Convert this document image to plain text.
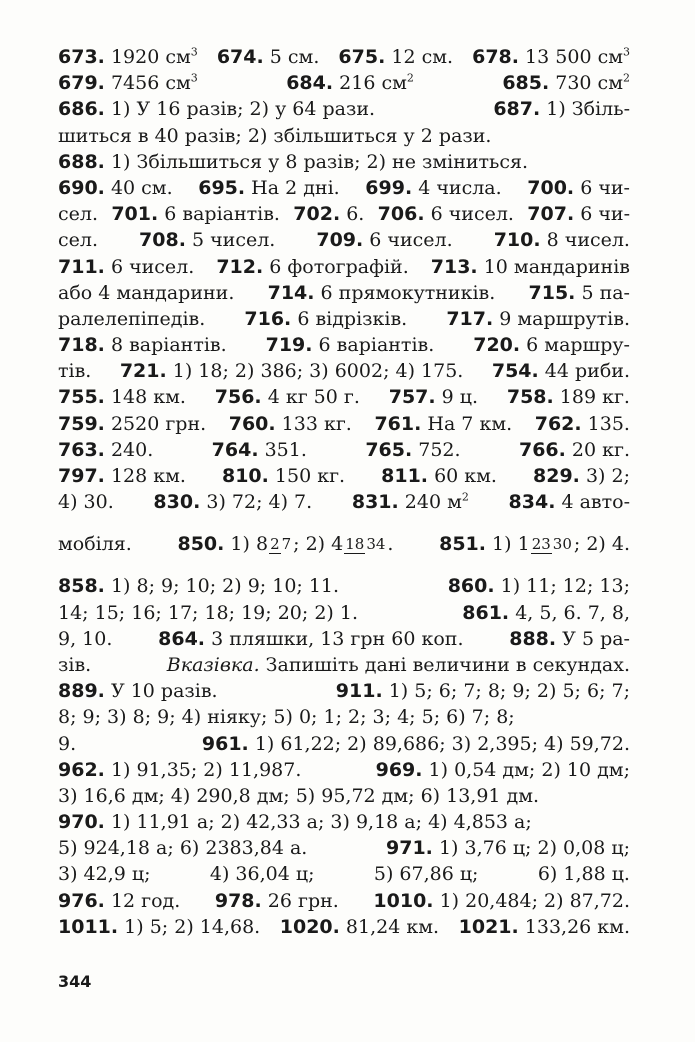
673. 1920 $см^3$ 674. 5 см. 675. 12 см. 678. 13 500 $см^3$
679. 7456 $см^3$	684. 216 $см^2$	685. 730 $см^2$
686. 1) У 16 разів; 2) у 64 рази.	687. 1) Збіль-
шиться в 40 разів; 2) збільшиться у 2 рази.
688. 1) Збільшиться у 8 разів; 2) не зміниться.
690. 40 см. 695. На 2 дні. 699. 4 числа. 700. 6 чи-
сел. 701. 6 варіантів. 702. 6. 706. 6 чисел. 707. 6 чи-
сел. 708. 5 чисел. 709. 6 чисел. 710. 8 чисел.
711. 6 чисел. 712. 6 фотографій. 713. 10 мандаринів
або 4 мандарини. 714. 6 прямокутників. 715. 5 па-
ралелепіпедів. 716. 6 відрізків. 717. 9 маршрутів.
718. 8 варіантів. 719. 6 варіантів. 720. 6 маршру-
тів. 721. 1) 18; 2) 386; 3) 6002; 4) 175. 754. 44 риби.
755. 148 км. 756. 4 кг 50 г. 757. 9 ц. 758. 189 кг.
759. 2520 грн. 760. 133 кг. 761. На 7 км. 762. 135.
763. 240.	764. 351.	765. 752.	766. 20 кг.
797. 128 км. 810. 150 кг. 811. 60 км. 829. 3) 2;
4) 30. 830. 3) 72; 4) 7. 831. 240 $м^2$ 834. 4 авто-
мобіля. 850. 1) 8 2 7 ; 2) 4 18 34 . 851. 1) 1 23 30 ; 2) 4.
858. 1) 8; 9; 10; 2) 9; 10; 11.	860. 1) 11; 12; 13;
14; 15; 16; 17; 18; 19; 20; 2) 1.	861. 4, 5, 6. 7, 8,
9, 10. 864. 3 пляшки, 13 грн 60 коп. 888. У 5 ра-
зів.	Вказівка. Запишіть дані величини в секундах.
889. У 10 разів.	911. 1) 5; 6; 7; 8; 9; 2) 5; 6; 7;
8; 9; 3) 8; 9; 4) ніяку; 5) 0; 1; 2; 3; 4; 5; 6) 7; 8;
9.	961. 1) 61,22; 2) 89,686; 3) 2,395; 4) 59,72.
962. 1) 91,35; 2) 11,987.	969. 1) 0,54 дм; 2) 10 дм;
3) 16,6 дм; 4) 290,8 дм; 5) 95,72 дм; 6) 13,91 дм.
970. 1) 11,91 а; 2) 42,33 а; 3) 9,18 а; 4) 4,853 а;
5) 924,18 а; 6) 2383,84 а.	971. 1) 3,76 ц; 2) 0,08 ц;
3) 42,9 ц;	4) 36,04 ц;	5) 67,86 ц;	6) 1,88 ц.
976. 12 год. 978. 26 грн. 1010. 1) 20,484; 2) 87,72.
1011. 1) 5; 2) 14,68. 1020. 81,24 км. 1021. 133,26 км.
344
